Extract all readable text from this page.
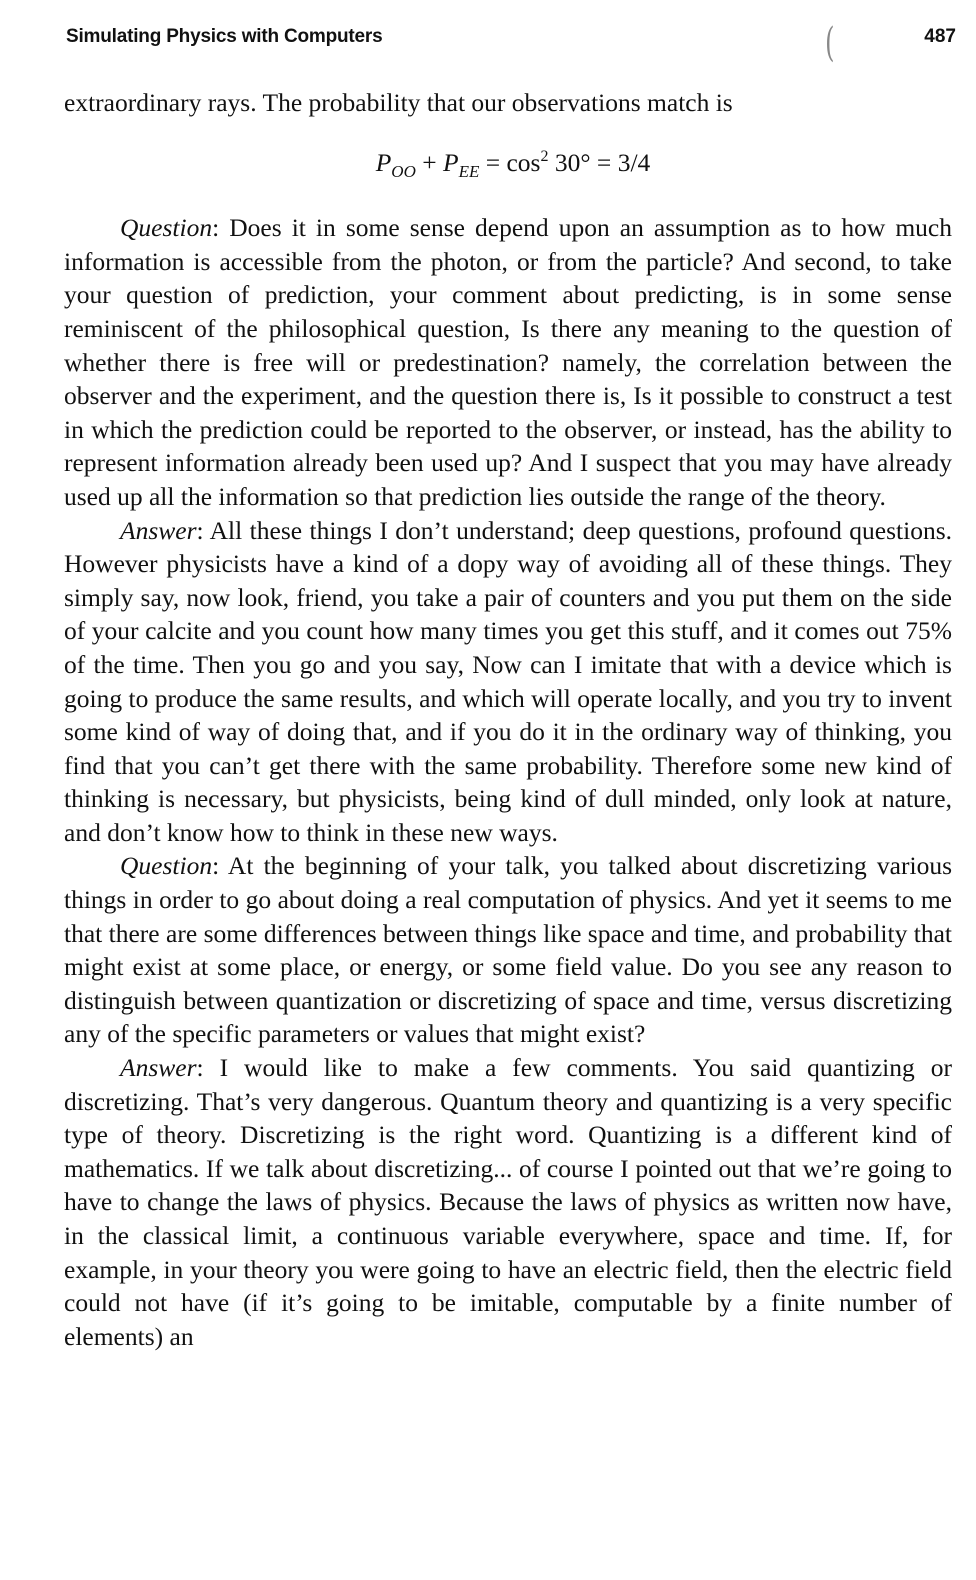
Simulating Physics with Computers	(	487

extraordinary rays. The probability that our observations match is

$P_{OO} + P_{EE} = \cos^2 30^\circ = 3/4$

Question: Does it in some sense depend upon an assumption as to how much information is accessible from the photon, or from the particle? And second, to take your question of prediction, your comment about predicting, is in some sense reminiscent of the philosophical question, Is there any meaning to the question of whether there is free will or predestination? namely, the correlation between the observer and the experiment, and the question there is, Is it possible to construct a test in which the prediction could be reported to the observer, or instead, has the ability to represent information already been used up? And I suspect that you may have already used up all the information so that prediction lies outside the range of the theory.

Answer: All these things I don’t understand; deep questions, profound questions. However physicists have a kind of a dopy way of avoiding all of these things. They simply say, now look, friend, you take a pair of counters and you put them on the side of your calcite and you count how many times you get this stuff, and it comes out 75% of the time. Then you go and you say, Now can I imitate that with a device which is going to produce the same results, and which will operate locally, and you try to invent some kind of way of doing that, and if you do it in the ordinary way of thinking, you find that you can’t get there with the same probability. Therefore some new kind of thinking is necessary, but physicists, being kind of dull minded, only look at nature, and don’t know how to think in these new ways.

Question: At the beginning of your talk, you talked about discretizing various things in order to go about doing a real computation of physics. And yet it seems to me that there are some differences between things like space and time, and probability that might exist at some place, or energy, or some field value. Do you see any reason to distinguish between quantization or discretizing of space and time, versus discretizing any of the specific parameters or values that might exist?

Answer: I would like to make a few comments. You said quantizing or discretizing. That’s very dangerous. Quantum theory and quantizing is a very specific type of theory. Discretizing is the right word. Quantizing is a different kind of mathematics. If we talk about discretizing... of course I pointed out that we’re going to have to change the laws of physics. Because the laws of physics as written now have, in the classical limit, a continuous variable everywhere, space and time. If, for example, in your theory you were going to have an electric field, then the electric field could not have (if it’s going to be imitable, computable by a finite number of elements) an
